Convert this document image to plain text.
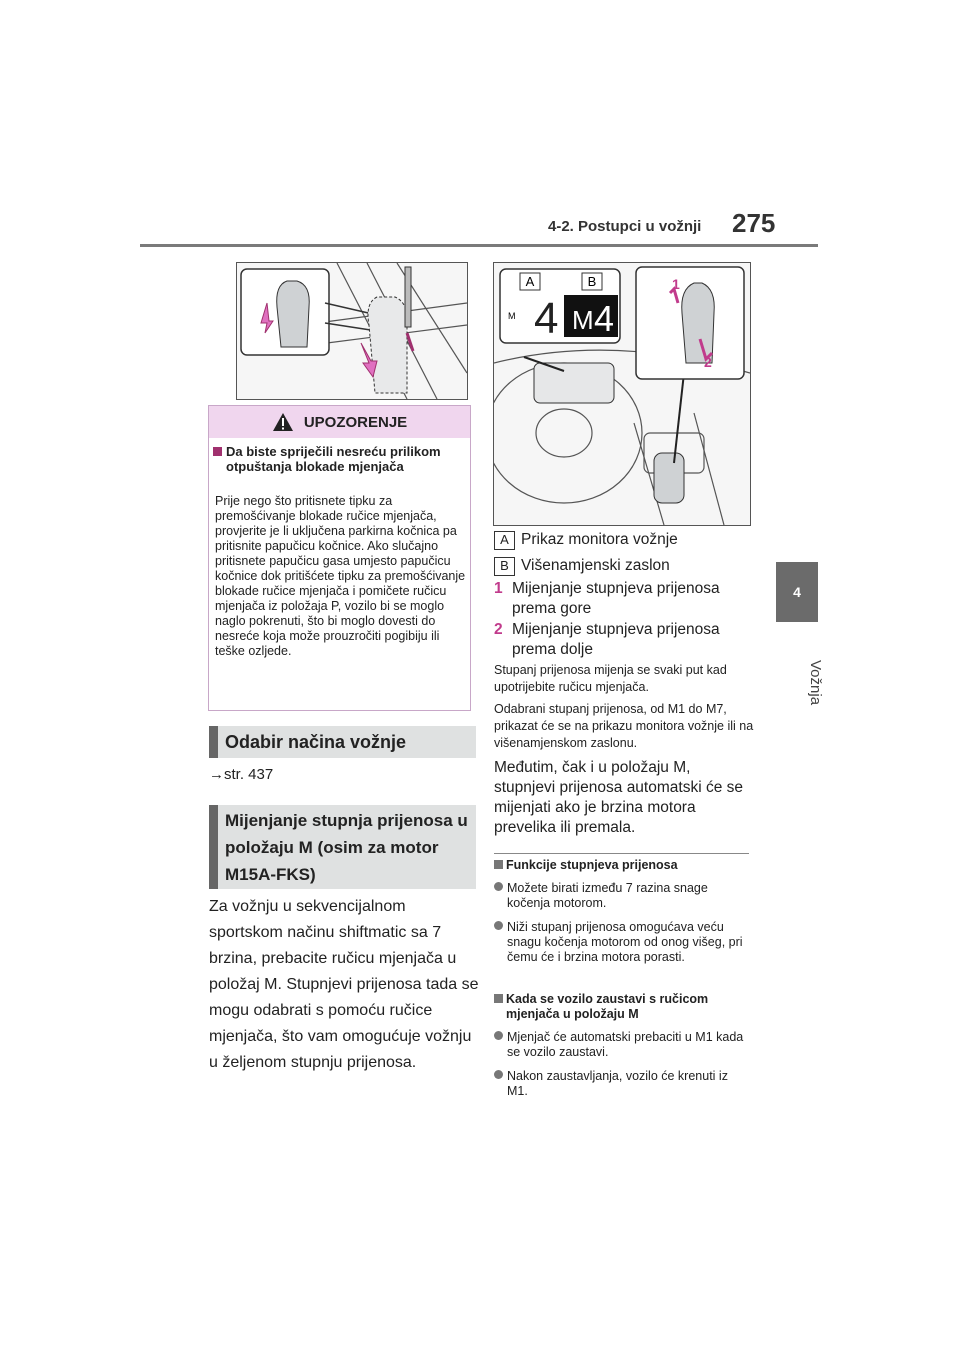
4-2. Postupci u vožnji 275
4
Vožnja
UPOZORENJE
Da biste spriječili nesreću prilikom otpuštanja blokade mjenjača
Prije nego što pritisnete tipku za premošćivanje blokade ručice mjenjača, provjerite je li uključena parkirna kočnica pa pritisnite papučicu kočnice. Ako slučajno pritisnete papučicu gasa umjesto papučicu kočnice dok pritišćete tipku za premošćivanje blokade ručice mjenjača i pomičete ručicu mjenjača iz položaja P, vozilo bi se moglo naglo pokrenuti, što bi moglo dovesti do nesreće koja može prouzročiti pogibiju ili teške ozljede.
Odabir načina vožnje
→str. 437
Mijenjanje stupnja prijenosa u položaju M (osim za motor M15A-FKS)
Za vožnju u sekvencijalnom sportskom načinu shiftmatic sa 7 brzina, prebacite ručicu mjenjača u položaj M. Stupnjevi prijenosa tada se mogu odabrati s pomoću ručice mjenjača, što vam omogućuje vožnju u željenom stupnju prijenosa.
A	B
M 4 M 4
1
2
A Prikaz monitora vožnje
B Višenamjenski zaslon
1 Mijenjanje stupnjeva prijenosa prema gore
2 Mijenjanje stupnjeva prijenosa prema dolje
Stupanj prijenosa mijenja se svaki put kad upotrijebite ručicu mjenjača.
Odabrani stupanj prijenosa, od M1 do M7, prikazat će se na prikazu monitora vožnje ili na višenamjenskom zaslonu.
Međutim, čak i u položaju M, stupnjevi prijenosa automatski će se mijenjati ako je brzina motora prevelika ili premala.
Funkcije stupnjeva prijenosa
Možete birati između 7 razina snage kočenja motorom.
Niži stupanj prijenosa omogućava veću snagu kočenja motorom od onog višeg, pri čemu će i brzina motora porasti.
Kada se vozilo zaustavi s ručicom mjenjača u položaju M
Mjenjač će automatski prebaciti u M1 kada se vozilo zaustavi.
Nakon zaustavljanja, vozilo će krenuti iz M1.
